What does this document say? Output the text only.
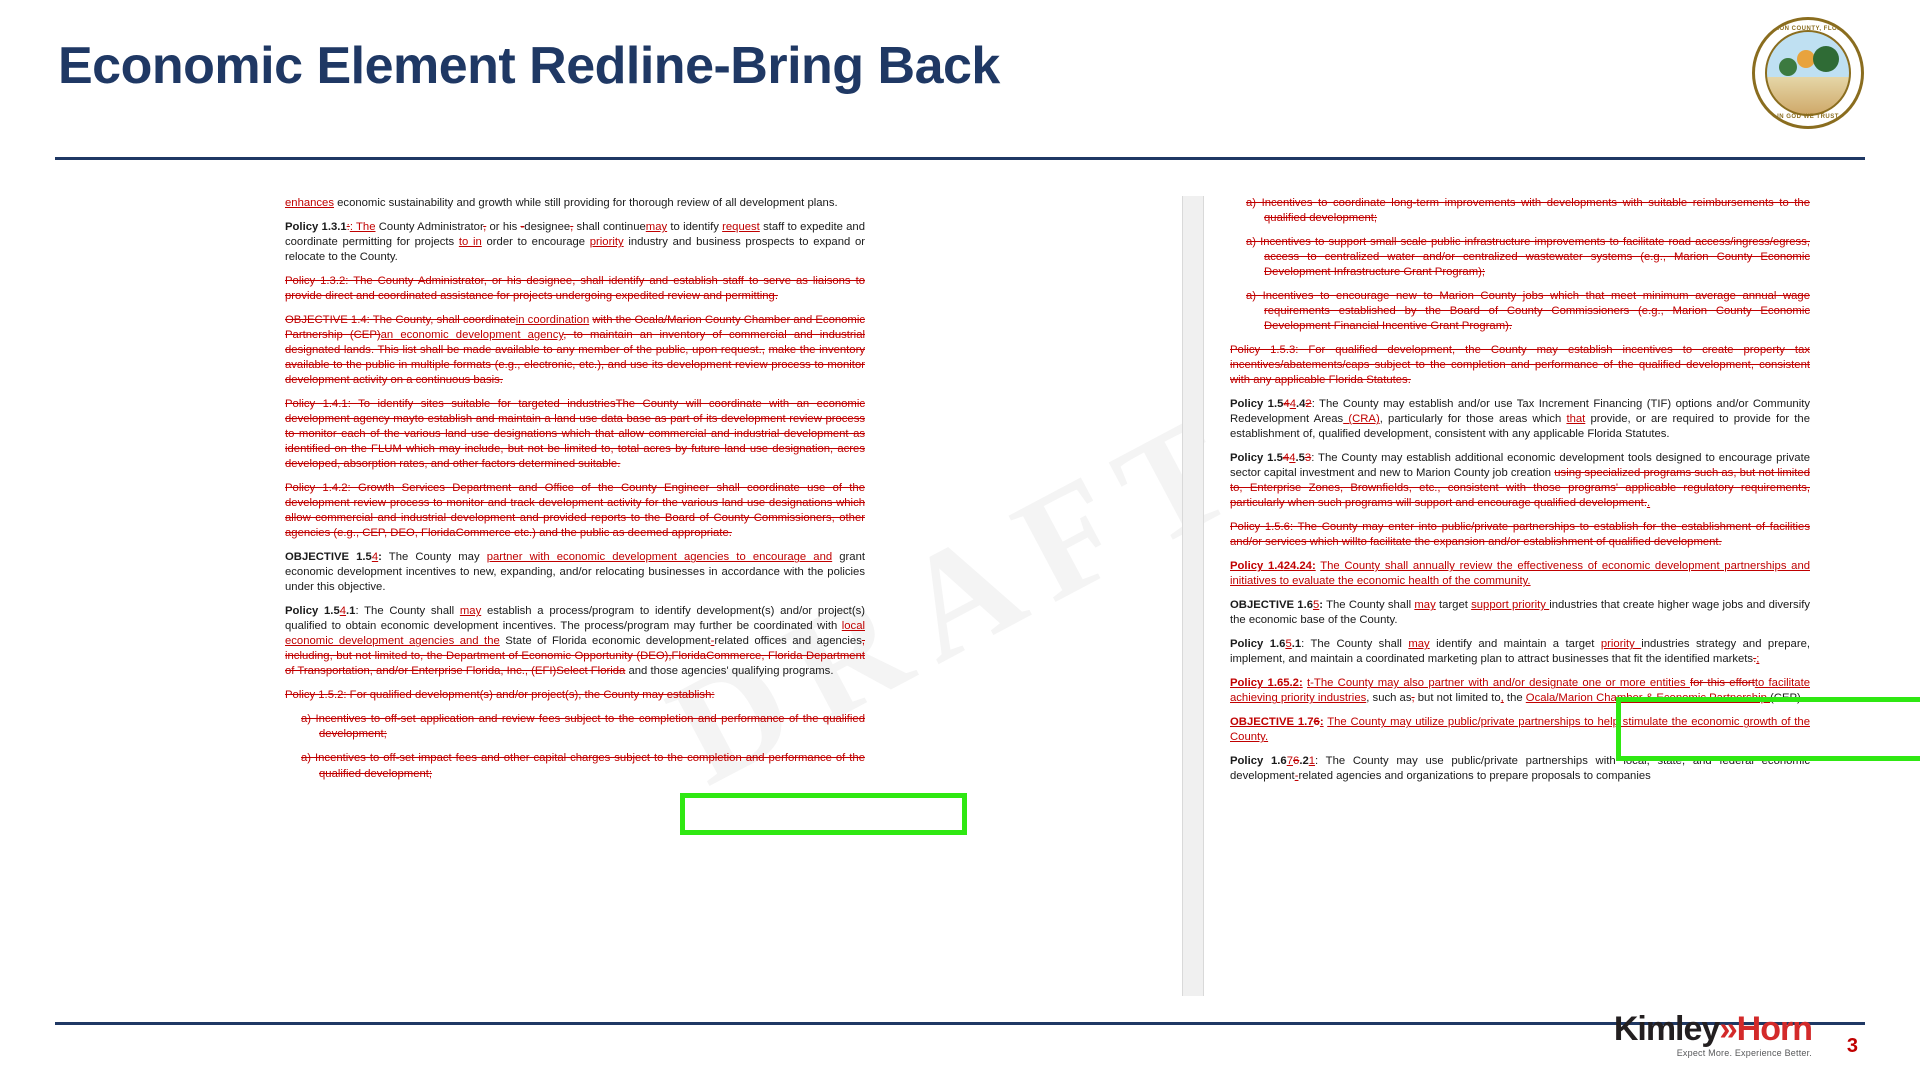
Economic Element Redline-Bring Back
MARION COUNTY, FLORIDA
IN GOD WE TRUST

enhances economic sustainability and growth while still providing for thorough review of all development plans.

Policy 1.3.1:: The County Administrator, or his -designee, shall continuemay to identify request staff to expedite and coordinate permitting for projects to in order to encourage priority industry and business prospects to expand or relocate to the County.

Policy 1.3.2: The County Administrator, or his designee, shall identify and establish staff to serve as liaisons to provide direct and coordinated assistance for projects undergoing expedited review and permitting.

OBJECTIVE 1.4: The County, shall coordinatein coordination with the Ocala/Marion County Chamber and Economic Partnership (CEP)an economic development agency, to maintain an inventory of commercial and industrial designated lands. This list shall be made available to any member of the public, upon request., make the inventory available to the public in multiple formats (e.g., electronic, etc.), and use its development review process to monitor development activity on a continuous basis.

Policy 1.4.1: To identify sites suitable for targeted industriesThe County will coordinate with an economic development agency mayto establish and maintain a land use data base as part of its development review process to monitor each of the various land use designations which that allow commercial and industrial development as identified on the FLUM which may include, but not be limited to, total acres by future land use designation, acres developed, absorption rates, and other factors determined suitable.

Policy 1.4.2: Growth Services Department and Office of the County Engineer shall coordinate use of the development review process to monitor and track development activity for the various land use designations which allow commercial and industrial development and provided reports to the Board of County Commissioners, other agencies (e.g., CEP, DEO, FloridaCommerce etc.) and the public as deemed appropriate.

OBJECTIVE 1.54: The County may partner with economic development agencies to encourage and grant economic development incentives to new, expanding, and/or relocating businesses in accordance with the policies under this objective.

Policy 1.54.1: The County shall may establish a process/program to identify development(s) and/or project(s) qualified to obtain economic development incentives. The process/program may further be coordinated with local economic development agencies and the State of Florida economic development-related offices and agencies, including, but not limited to, the Department of Economic Opportunity (DEO),FloridaCommerce, Florida Department of Transportation, and/or Enterprise Florida, Inc., (EFI)Select Florida and those agencies' qualifying programs.

Policy 1.5.2: For qualified development(s) and/or project(s), the County may establish:

a) Incentives to off-set application and review fees subject to the completion and performance of the qualified development;

a) Incentives to off-set impact fees and other capital charges subject to the completion and performance of the qualified development;

a) Incentives to coordinate long-term improvements with developments with suitable reimbursements to the qualified development;

a) Incentives to support small scale public infrastructure improvements to facilitate road access/ingress/egress, access to centralized water and/or centralized wastewater systems (e.g., Marion County Economic Development Infrastructure Grant Program);

a) Incentives to encourage new to Marion County jobs which that meet minimum average annual wage requirements established by the Board of County Commissioners (e.g., Marion County Economic Development Financial Incentive Grant Program).

Policy 1.5.3: For qualified development, the County may establish incentives to create property tax incentives/abatements/caps subject to the completion and performance of the qualified development, consistent with any applicable Florida Statutes.

Policy 1.544.42: The County may establish and/or use Tax Increment Financing (TIF) options and/or Community Redevelopment Areas (CRA), particularly for those areas which that provide, or are required to provide for the establishment of, qualified development, consistent with any applicable Florida Statutes.

Policy 1.544.53: The County may establish additional economic development tools designed to encourage private sector capital investment and new to Marion County job creation using specialized programs such as, but not limited to, Enterprise Zones, Brownfields, etc., consistent with those programs' applicable regulatory requirements, particularly when such programs will support and encourage qualified development..

Policy 1.5.6: The County may enter into public/private partnerships to establish for the establishment of facilities and/or services which willto facilitate the expansion and/or establishment of qualified development.

Policy 1.424.24: The County shall annually review the effectiveness of economic development partnerships and initiatives to evaluate the economic health of the community.

OBJECTIVE 1.65: The County shall may target support priority industries that create higher wage jobs and diversify the economic base of the County.

Policy 1.65.1: The County shall may identify and maintain a target priority industries strategy and prepare, implement, and maintain a coordinated marketing plan to attract businesses that fit the identified markets.;

Policy 1.65.2: t-The County may also partner with and/or designate one or more entities for this effortto facilitate achieving priority industries, such as, but not limited to, the Ocala/Marion Chamber & Economic Partnership (CEP).

OBJECTIVE 1.76: The County may utilize public/private partnerships to help stimulate the economic growth of the County.

Policy 1.676.21: The County may use public/private partnerships with local, state, and federal economic development-related agencies and organizations to prepare proposals to companies

Kimley»Horn
Expect More. Experience Better. 3
